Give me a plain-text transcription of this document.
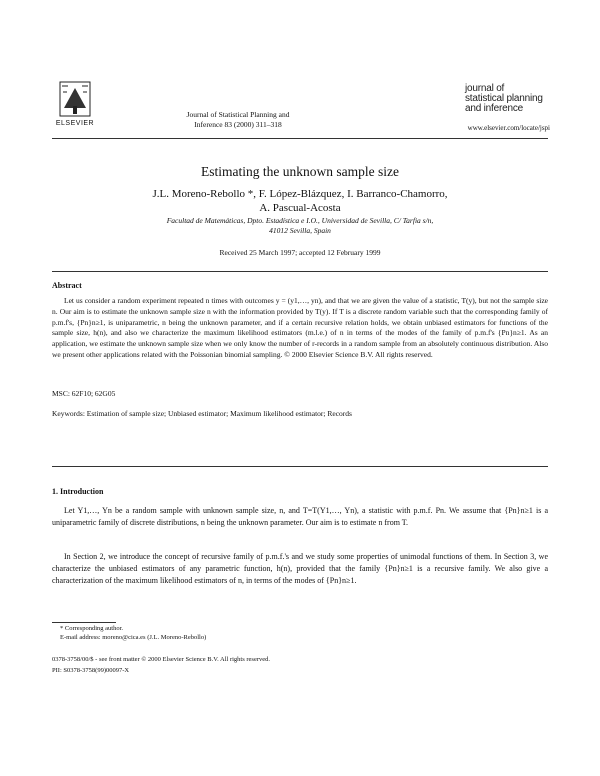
ELSEVIER
Journal of Statistical Planning and
Inference 83 (2000) 311–318
journal of
statistical planning
and inference
www.elsevier.com/locate/jspi
Estimating the unknown sample size
J.L. Moreno-Rebollo *, F. López-Blázquez, I. Barranco-Chamorro,
A. Pascual-Acosta
Facultad de Matemáticas, Dpto. Estadística e I.O., Universidad de Sevilla, C/ Tarfia s/n,
41012 Sevilla, Spain
Received 25 March 1997; accepted 12 February 1999
Abstract
Let us consider a random experiment repeated n times with outcomes y = (y1,…, yn), and that we are given the value of a statistic, T(y), but not the sample size n. Our aim is to estimate the unknown sample size n with the information provided by T(y). If T is a discrete random variable such that the corresponding family of p.m.f's, {Pn}n≥1, is uniparametric, n being the unknown parameter, and if a certain recursive relation holds, we obtain unbiased estimators for functions of the sample size, h(n), and also we characterize the maximum likelihood estimators (m.l.e.) of n in terms of the modes of the family of p.m.f's {Pn}n≥1. As an application, we estimate the unknown sample size when we only know the number of r-records in a random sample from an absolutely continuous distribution. Also we present other applications related with the Poissonian binomial sampling. © 2000 Elsevier Science B.V. All rights reserved.
MSC: 62F10; 62G05
Keywords: Estimation of sample size; Unbiased estimator; Maximum likelihood estimator; Records
1. Introduction
Let Y1,…, Yn be a random sample with unknown sample size, n, and T=T(Y1,…, Yn), a statistic with p.m.f. Pn. We assume that {Pn}n≥1 is a uniparametric family of discrete distributions, n being the unknown parameter. Our aim is to estimate n from T.
In Section 2, we introduce the concept of recursive family of p.m.f.'s and we study some properties of unimodal functions of them. In Section 3, we characterize the unbiased estimators of any parametric function, h(n), provided that the family {Pn}n≥1 is a recursive family. We also give a characterization of the maximum likelihood estimators of n, in terms of the modes of {Pn}n≥1.
* Corresponding author.
E-mail address: moreno@cica.es (J.L. Moreno-Rebollo)
0378-3758/00/$ - see front matter © 2000 Elsevier Science B.V. All rights reserved.
PII: S0378-3758(99)00097-X
